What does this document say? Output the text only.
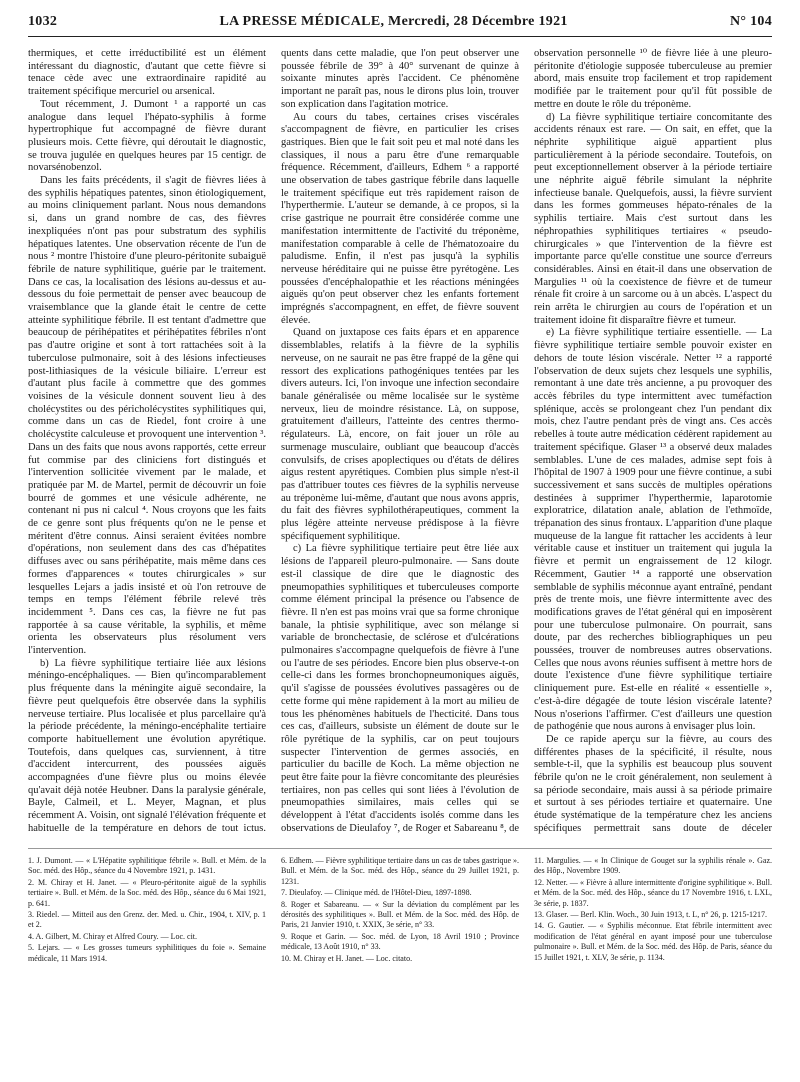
1032	LA PRESSE MÉDICALE, Mercredi, 28 Décembre 1921	N° 104

thermiques, et cette irréductibilité est un élément intéressant du diagnostic, d'autant que cette fièvre si tenace cède avec une extraordinaire rapidité au traitement spécifique mercuriel ou arsenical.

Tout récemment, J. Dumont ¹ a rapporté un cas analogue dans lequel l'hépato-syphilis à forme hypertrophique fut accompagné de fièvre durant plusieurs mois. Cette fièvre, qui déroutait le diagnostic, se trouva jugulée en quelques heures par 15 centigr. de novarsénobenzol.

Dans les faits précédents, il s'agit de fièvres liées à des syphilis hépatiques patentes, sinon étiologiquement, au moins cliniquement parlant. Nous nous demandons si, dans un grand nombre de cas, des fièvres inexpliquées n'ont pas pour substratum des syphilis hépatiques latentes. Une observation récente de l'un de nous ² montre l'histoire d'une pleuro-péritonite subaiguë fébrile de nature syphilitique, guérie par le traitement. Dans ce cas, la localisation des lésions au-dessus et au-dessous du foie permettait de penser avec beaucoup de vraisemblance que la glande était le centre de cette atteinte syphilitique fébrile. Il est tentant d'admettre que beaucoup de périhépatites et périhépatites fébriles n'ont pas d'autre origine et sont à tort rattachées soit à la tuberculose pulmonaire, soit à des lésions infectieuses post-lithiasiques de la vésicule biliaire. L'erreur est d'autant plus facile à commettre que des gommes voisines de la vésicule donnent souvent lieu à des cholécystites ou des péricholécystites syphilitiques qui, comme dans un cas de Riedel, font croire à une cholécystite calculeuse et provoquent une intervention ³. Dans un des faits que nous avons rapportés, cette erreur fut commise par des cliniciens fort distingués et l'intervention sollicitée vivement par le malade, et pratiquée par M. de Martel, permit de découvrir un foie bourré de gommes et une vésicule adhérente, ne contenant ni pus ni calcul ⁴. Nous croyons que les faits de ce genre sont plus fréquents qu'on ne le pense et méritent d'être connus. Ainsi seraient évitées nombre d'opérations, non seulement dans des cas d'hépatites diffuses avec ou sans périhépatite, mais même dans ces formes d'apparences « toutes chirurgicales » sur lesquelles Lejars a jadis insisté et où l'on retrouve de temps en temps l'élément fébrile relevé très incidemment ⁵. Dans ces cas, la fièvre ne fut pas rapportée à sa cause véritable, la syphilis, et même orienta les observateurs plus résolument vers l'intervention.

b) La fièvre syphilitique tertiaire liée aux lésions méningo-encéphaliques. — Bien qu'incomparablement plus fréquente dans la méningite aiguë secondaire, la fièvre peut quelquefois être observée dans la syphilis nerveuse tertiaire. Plus localisée et plus parcellaire qu'à la période précédente, la méningo-encéphalite tertiaire comporte habituellement une évolution apyrétique. Toutefois, dans quelques cas, surviennent, à titre d'accident intercurrent, des poussées aiguës accompagnées d'une fièvre plus ou moins élevée qu'avait déjà notée Heubner. Dans la paralysie générale, Bayle, Calmeil, et L. Meyer, Magnan, et plus récemment A. Voisin, ont signalé l'élévation fréquente et habituelle de la température en dehors de tout ictus.

quents dans cette maladie, que l'on peut observer une poussée fébrile de 39° à 40° survenant de quinze à soixante minutes après l'accident. Ce phénomène important ne paraît pas, nous le dirons plus loin, trouver son explication dans l'agitation motrice.

Au cours du tabes, certaines crises viscérales s'accompagnent de fièvre, en particulier les crises gastriques. Bien que le fait soit peu et mal noté dans les classiques, il nous a paru être d'une remarquable fréquence. Récemment, d'ailleurs, Edhem ⁶ a rapporté une observation de tabes gastrique fébrile dans laquelle le traitement spécifique eut très rapidement raison de l'hyperthermie. L'auteur se demande, à ce propos, si la crise gastrique ne pourrait être considérée comme une manifestation intermittente de l'activité du tréponème, manifestation comparable à celle de l'hématozoaire du paludisme. Enfin, il n'est pas jusqu'à la syphilis nerveuse héréditaire qui ne puisse être pyrétogène. Les poussées d'encéphalopathie et les réactions méningées aiguës qu'on peut observer chez les enfants fortement imprégnés s'accompagnent, en effet, de fièvre souvent élevée.

Quand on juxtapose ces faits épars et en apparence dissemblables, relatifs à la fièvre de la syphilis nerveuse, on ne saurait ne pas être frappé de la gêne qui ressort des explications pathogéniques tentées par les divers auteurs. Ici, l'on invoque une infection secondaire banale généralisée ou même localisée sur le système nerveux, lieu de moindre résistance. Là, on suppose, gratuitement d'ailleurs, l'atteinte des centres thermo-régulateurs. Là, encore, on fait jouer un rôle au surmenage musculaire, oubliant que beaucoup d'accès convulsifs, de crises apoplectiques ou d'états de délires aigus restent apyrétiques. Combien plus simple n'est-il pas d'attribuer toutes ces fièvres de la syphilis nerveuse au tréponème lui-même, d'autant que nous avons appris, du fait des fièvres syphilothérapeutiques, comment la plus légère atteinte nerveuse prédispose à la fièvre spécifiquement syphilitique.

c) La fièvre syphilitique tertiaire peut être liée aux lésions de l'appareil pleuro-pulmonaire. — Sans doute est-il classique de dire que le diagnostic des pneumopathies syphilitiques et tuberculeuses comporte comme élément principal la présence ou l'absence de fièvre. Il n'en est pas moins vrai que sa forme chronique banale, la phtisie syphilitique, avec son mélange si variable de bronchectasie, de sclérose et d'ulcérations pulmonaires s'accompagne quelquefois de fièvre à l'une ou l'autre de ses périodes. Encore bien plus observe-t-on celle-ci dans les formes bronchopneumoniques aiguës, qu'il s'agisse de poussées évolutives passagères ou de cette forme qui mène rapidement à la mort au milieu de tous les phénomènes habituels de l'hecticité. Dans tous ces cas, d'ailleurs, subsiste un élément de doute sur le rôle pyrétique de la syphilis, car on peut toujours suspecter l'intervention de germes associés, en particulier du bacille de Koch. La même objection ne peut être faite pour la fièvre concomitante des pleurésies tertiaires, non pas celles qui sont liées à l'évolution de pneumopathies similaires, mais celles qui se développent à l'état d'accidents isolés comme dans les observations de Dieulafoy ⁷, de Roger et Sabareanu ⁸, de

observation personnelle ¹⁰ de fièvre liée à une pleuro-péritonite d'étiologie supposée tuberculeuse au premier abord, mais ensuite trop facilement et trop rapidement modifiée par le traitement pour qu'il fût possible de mettre en doute le rôle du tréponème.

d) La fièvre syphilitique tertiaire concomitante des accidents rénaux est rare. — On sait, en effet, que la néphrite syphilitique aiguë appartient plus particulièrement à la période secondaire. Toutefois, on peut exceptionnellement observer à la période tertiaire une néphrite aiguë fébrile simulant la néphrite infectieuse banale. Quelquefois, aussi, la fièvre survient dans les formes gommeuses hépato-rénales de la syphilis tertiaire. Mais c'est surtout dans les néphropathies syphilitiques tertiaires « pseudo-chirurgicales » que l'intervention de la fièvre est importante parce qu'elle constitue une source d'erreurs considérables. Ainsi en était-il dans une observation de Margulies ¹¹ où la coexistence de fièvre et de tumeur rénale fit croire à un sarcome ou à un abcès. L'aspect du rein arrêta le chirurgien au cours de l'opération et un traitement idoine fit disparaître fièvre et tumeur.

e) La fièvre syphilitique tertiaire essentielle. — La fièvre syphilitique tertiaire semble pouvoir exister en dehors de toute lésion viscérale. Netter ¹² a rapporté l'observation de deux sujets chez lesquels une syphilis, remontant à une date très ancienne, a pu provoquer des accès fébriles du type intermittent avec tuméfaction splénique, accès se prolongeant chez l'un pendant dix mois, chez l'autre pendant près de vingt ans. Ces accès rebelles à toute autre médication cédèrent rapidement au traitement spécifique. Glaser ¹³ a observé deux malades semblables. L'une de ces malades, admise sept fois à l'hôpital de 1907 à 1909 pour une fièvre continue, a subi successivement et sans succès de multiples opérations destinées à supprimer l'hyperthermie, laparotomie exploratrice, dilatation anale, ablation de l'ethmoïde, trépanation des sinus frontaux. L'apparition d'une plaque muqueuse de la langue fit rattacher les accidents à leur véritable cause et instituer un traitement qui jugula la fièvre et permit un engraissement de 12 kilogr. Récemment, Gautier ¹⁴ a rapporté une observation semblable de syphilis méconnue ayant entraîné, pendant près de trente mois, une fièvre intermittente avec des modifications graves de l'état général qui en imposèrent pour une tuberculose pulmonaire. On pourrait, sans doute, par des recherches bibliographiques un peu poussées, trouver de nombreuses autres observations. Celles que nous avons réunies suffisent à mettre hors de doute l'existence d'une fièvre syphilitique tertiaire cliniquement pure. Est-elle en réalité « essentielle », c'est-à-dire dégagée de toute lésion viscérale latente? Nous n'oserions l'affirmer. C'est d'ailleurs une question de pathogénie que nous aurons à envisager plus loin.

De ce rapide aperçu sur la fièvre, au cours des différentes phases de la spécificité, il résulte, nous semble-t-il, que la syphilis est beaucoup plus souvent fébrile qu'on ne le croit généralement, non seulement à sa période secondaire, mais aussi à sa période primaire et surtout à ses périodes tertiaire et quaternaire. Une étude systématique de la température chez les anciens spécifiques permettrait sans doute de déceler

1. J. Dumont. — « L'Hépatite syphilitique fébrile ». Bull. et Mém. de la Soc. méd. des Hôp., séance du 4 Novembre 1921, p. 1431.
2. M. Chiray et H. Janet. — « Pleuro-péritonite aiguë de la syphilis tertiaire ». Bull. et Mém. de la Soc. méd. des Hôp., séance du 6 Mai 1921, p. 641.
3. Riedel. — Mitteil aus den Grenz. der. Med. u. Chir., 1904, t. XIV, p. 1 et 2.
4. A. Gilbert, M. Chiray et Alfred Coury. — Loc. cit.
5. Lejars. — « Les grosses tumeurs syphilitiques du foie ». Semaine médicale, 11 Mars 1914.
6. Edhem. — Fièvre syphilitique tertiaire dans un cas de tabes gastrique ». Bull. et Mém. de la Soc. méd. des Hôp., séance du 29 Juillet 1921, p. 1231.
7. Dieulafoy. — Clinique méd. de l'Hôtel-Dieu, 1897-1898.
8. Roger et Sabareanu. — « Sur la déviation du complément par les dérosités des syphilitiques ». Bull. et Mém. de la Soc. méd. des Hôp. de Paris, 21 Janvier 1910, t. XXIX, 3e série, n° 33.
9. Roque et Garin. — Soc. méd. de Lyon, 18 Avril 1910 ; Province médicale, 13 Août 1910, n° 33.
10. M. Chiray et H. Janet. — Loc. citato.
11. Margulies. — « In Clinique de Gouget sur la syphilis rénale ». Gaz. des Hôp., Novembre 1909.
12. Netter. — « Fièvre à allure intermittente d'origine syphilitique ». Bull. et Mém. de la Soc. méd. des Hôp., séance du 17 Novembre 1916, t. LXL, 3e série, p. 1837.
13. Glaser. — Berl. Klin. Woch., 30 Juin 1913, t. L, n° 26, p. 1215-1217.
14. G. Gautier. — « Syphilis méconnue. Etat fébrile intermittent avec modification de l'état général en ayant imposé pour une tuberculose pulmonaire ». Bull. et Mém. de la Soc. méd. des Hôp. de Paris, séance du 15 Juillet 1921, t. XLV, 3e série, p. 1134.
